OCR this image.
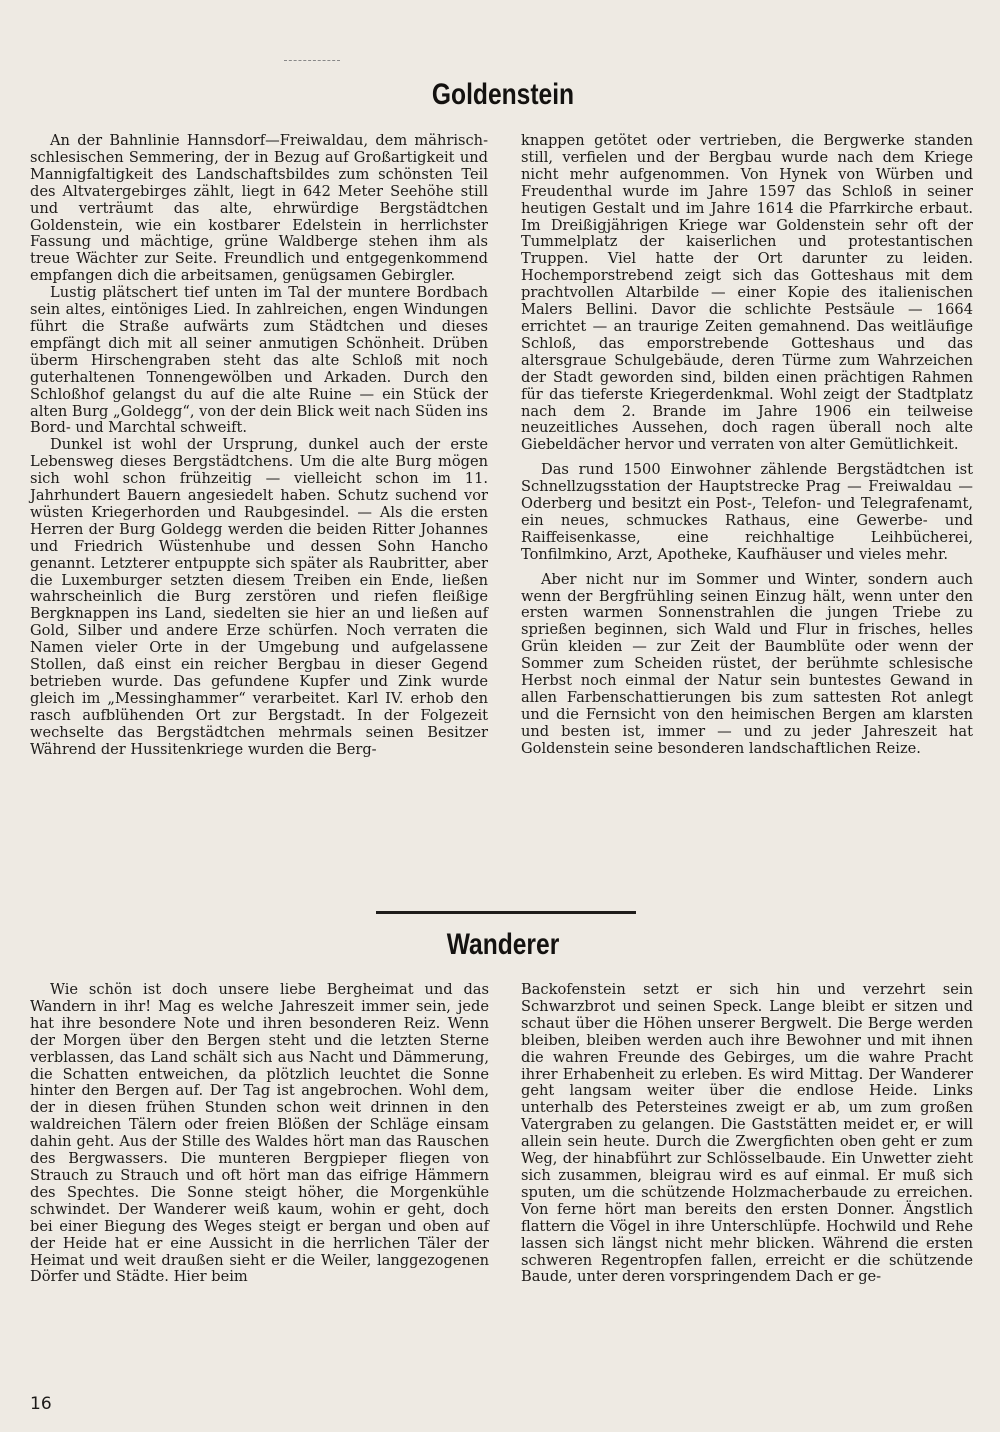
Goldenstein

An der Bahnlinie Hannsdorf—Freiwaldau, dem mährisch-schlesischen Semmering, der in Bezug auf Großartigkeit und Mannigfaltigkeit des Landschaftsbildes zum schönsten Teil des Altvatergebirges zählt, liegt in 642 Meter Seehöhe still und verträumt das alte, ehrwürdige Bergstädtchen Goldenstein, wie ein kostbarer Edelstein in herrlichster Fassung und mächtige, grüne Waldberge stehen ihm als treue Wächter zur Seite. Freundlich und entgegenkommend empfangen dich die arbeitsamen, genügsamen Gebirgler.

Lustig plätschert tief unten im Tal der muntere Bordbach sein altes, eintöniges Lied. In zahlreichen, engen Windungen führt die Straße aufwärts zum Städtchen und dieses empfängt dich mit all seiner anmutigen Schönheit. Drüben überm Hirschengraben steht das alte Schloß mit noch guterhaltenen Tonnengewölben und Arkaden. Durch den Schloßhof gelangst du auf die alte Ruine — ein Stück der alten Burg „Goldegg“, von der dein Blick weit nach Süden ins Bord- und Marchtal schweift.

Dunkel ist wohl der Ursprung, dunkel auch der erste Lebensweg dieses Bergstädtchens. Um die alte Burg mögen sich wohl schon frühzeitig — vielleicht schon im 11. Jahrhundert Bauern angesiedelt haben. Schutz suchend vor wüsten Kriegerhorden und Raubgesindel. — Als die ersten Herren der Burg Goldegg werden die beiden Ritter Johannes und Friedrich Wüstenhube und dessen Sohn Hancho genannt. Letzterer entpuppte sich später als Raubritter, aber die Luxemburger setzten diesem Treiben ein Ende, ließen wahrscheinlich die Burg zerstören und riefen fleißige Bergknappen ins Land, siedelten sie hier an und ließen auf Gold, Silber und andere Erze schürfen. Noch verraten die Namen vieler Orte in der Umgebung und aufgelassene Stollen, daß einst ein reicher Bergbau in dieser Gegend betrieben wurde. Das gefundene Kupfer und Zink wurde gleich im „Messinghammer“ verarbeitet. Karl IV. erhob den rasch aufblühenden Ort zur Bergstadt. In der Folgezeit wechselte das Bergstädtchen mehrmals seinen Besitzer Während der Hussitenkriege wurden die Berg-

knappen getötet oder vertrieben, die Bergwerke standen still, verfielen und der Bergbau wurde nach dem Kriege nicht mehr aufgenommen. Von Hynek von Würben und Freudenthal wurde im Jahre 1597 das Schloß in seiner heutigen Gestalt und im Jahre 1614 die Pfarrkirche erbaut. Im Dreißigjährigen Kriege war Goldenstein sehr oft der Tummelplatz der kaiserlichen und protestantischen Truppen. Viel hatte der Ort darunter zu leiden. Hochemporstrebend zeigt sich das Gotteshaus mit dem prachtvollen Altarbilde — einer Kopie des italienischen Malers Bellini. Davor die schlichte Pestsäule — 1664 errichtet — an traurige Zeiten gemahnend. Das weitläufige Schloß, das emporstrebende Gotteshaus und das altersgraue Schulgebäude, deren Türme zum Wahrzeichen der Stadt geworden sind, bilden einen prächtigen Rahmen für das tieferste Kriegerdenkmal. Wohl zeigt der Stadtplatz nach dem 2. Brande im Jahre 1906 ein teilweise neuzeitliches Aussehen, doch ragen überall noch alte Giebeldächer hervor und verraten von alter Gemütlichkeit.

Das rund 1500 Einwohner zählende Bergstädtchen ist Schnellzugsstation der Hauptstrecke Prag — Freiwaldau — Oderberg und besitzt ein Post-, Telefon- und Telegrafenamt, ein neues, schmuckes Rathaus, eine Gewerbe- und Raiffeisenkasse, eine reichhaltige Leihbücherei, Tonfilmkino, Arzt, Apotheke, Kaufhäuser und vieles mehr.

Aber nicht nur im Sommer und Winter, sondern auch wenn der Bergfrühling seinen Einzug hält, wenn unter den ersten warmen Sonnenstrahlen die jungen Triebe zu sprießen beginnen, sich Wald und Flur in frisches, helles Grün kleiden — zur Zeit der Baumblüte oder wenn der Sommer zum Scheiden rüstet, der berühmte schlesische Herbst noch einmal der Natur sein buntestes Gewand in allen Farbenschattierungen bis zum sattesten Rot anlegt und die Fernsicht von den heimischen Bergen am klarsten und besten ist, immer — und zu jeder Jahreszeit hat Goldenstein seine besonderen landschaftlichen Reize.

Wanderer

Wie schön ist doch unsere liebe Bergheimat und das Wandern in ihr! Mag es welche Jahreszeit immer sein, jede hat ihre besondere Note und ihren besonderen Reiz. Wenn der Morgen über den Bergen steht und die letzten Sterne verblassen, das Land schält sich aus Nacht und Dämmerung, die Schatten entweichen, da plötzlich leuchtet die Sonne hinter den Bergen auf. Der Tag ist angebrochen. Wohl dem, der in diesen frühen Stunden schon weit drinnen in den waldreichen Tälern oder freien Blößen der Schläge einsam dahin geht. Aus der Stille des Waldes hört man das Rauschen des Bergwassers. Die munteren Bergpieper fliegen von Strauch zu Strauch und oft hört man das eifrige Hämmern des Spechtes. Die Sonne steigt höher, die Morgenkühle schwindet. Der Wanderer weiß kaum, wohin er geht, doch bei einer Biegung des Weges steigt er bergan und oben auf der Heide hat er eine Aussicht in die herrlichen Täler der Heimat und weit draußen sieht er die Weiler, langgezogenen Dörfer und Städte. Hier beim

Backofenstein setzt er sich hin und verzehrt sein Schwarzbrot und seinen Speck. Lange bleibt er sitzen und schaut über die Höhen unserer Bergwelt. Die Berge werden bleiben, bleiben werden auch ihre Bewohner und mit ihnen die wahren Freunde des Gebirges, um die wahre Pracht ihrer Erhabenheit zu erleben. Es wird Mittag. Der Wanderer geht langsam weiter über die endlose Heide. Links unterhalb des Petersteines zweigt er ab, um zum großen Vatergraben zu gelangen. Die Gaststätten meidet er, er will allein sein heute. Durch die Zwergfichten oben geht er zum Weg, der hinabführt zur Schlösselbaude. Ein Unwetter zieht sich zusammen, bleigrau wird es auf einmal. Er muß sich sputen, um die schützende Holzmacherbaude zu erreichen. Von ferne hört man bereits den ersten Donner. Ängstlich flattern die Vögel in ihre Unterschlüpfe. Hochwild und Rehe lassen sich längst nicht mehr blicken. Während die ersten schweren Regentropfen fallen, erreicht er die schützende Baude, unter deren vorspringendem Dach er ge-

16
